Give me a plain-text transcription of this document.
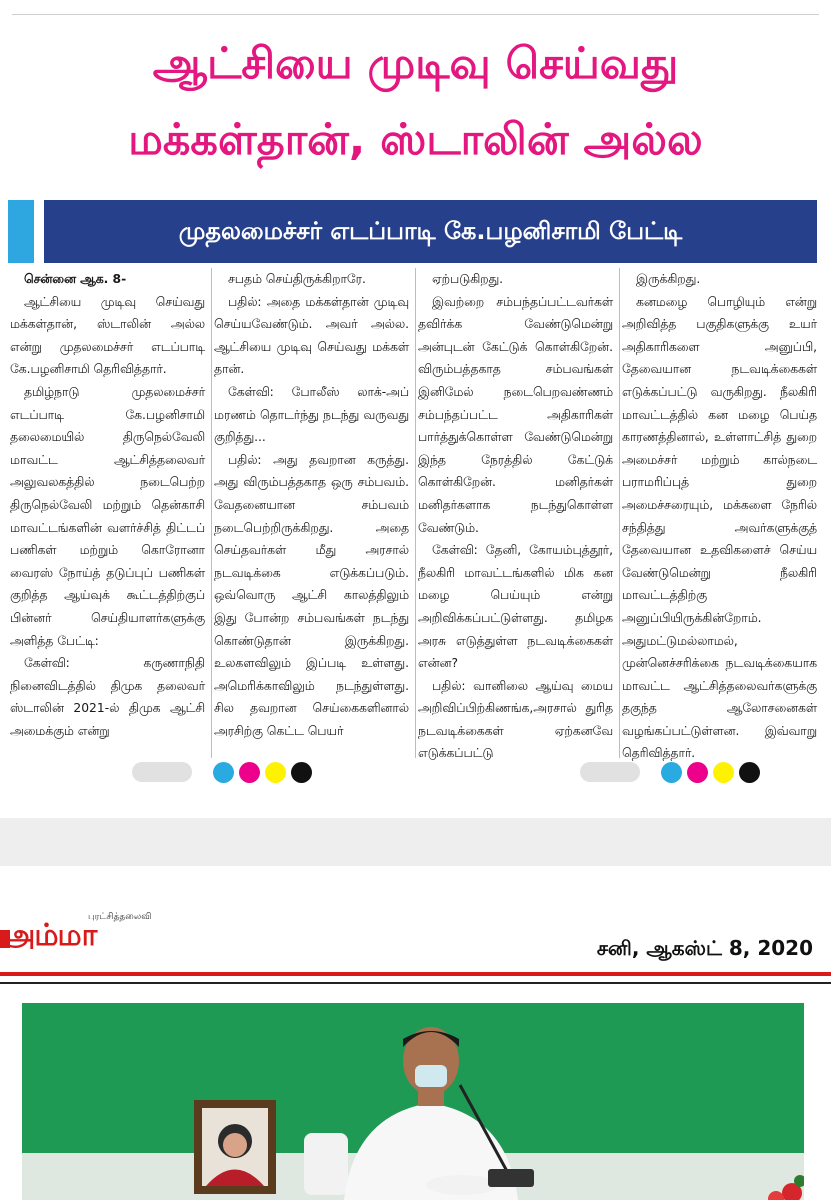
ஆட்சியை முடிவு செய்வது
மக்கள்தான், ஸ்டாலின் அல்ல
முதலமைச்சர் எடப்பாடி கே.பழனிசாமி பேட்டி

சென்னை ஆக. 8-

ஆட்சியை முடிவு செய்வது மக்கள்தான், ஸ்டாலின் அல்ல என்று முதலமைச்சர் எடப்பாடி கே.பழனிசாமி தெரிவித்தார்.

தமிழ்நாடு முதலமைச்சர் எடப்பாடி கே.பழனிசாமி தலைமையில் திருநெல்வேலி மாவட்ட ஆட்சித்தலைவர் அலுவலகத்தில் நடைபெற்ற திருநெல்வேலி மற்றும் தென்காசி மாவட்டங்களின் வளர்ச்சித் திட்டப் பணிகள் மற்றும் கொரோனா வைரஸ் நோய்த் தடுப்புப் பணிகள் குறித்த ஆய்வுக் கூட்டத்திற்குப் பின்னர் செய்தியாளர்களுக்கு அளித்த பேட்டி:

கேள்வி: கருணாநிதி நினைவிடத்தில் திமுக தலைவர் ஸ்டாலின் 2021-ல் திமுக ஆட்சி அமைக்கும் என்று

சபதம் செய்திருக்கிறாரே.

பதில்: அதை மக்கள்தான் முடிவு செய்யவேண்டும். அவர் அல்ல. ஆட்சியை முடிவு செய்வது மக்கள் தான்.

கேள்வி: போலீஸ் லாக்-அப் மரணம் தொடர்ந்து நடந்து வருவது குறித்து...

பதில்: அது தவறான கருத்து. அது விரும்பத்தகாத ஒரு சம்பவம். வேதனையான சம்பவம் நடைபெற்றிருக்கிறது. அதை செய்தவர்கள் மீது அரசால் நடவடிக்கை எடுக்கப்படும். ஒவ்வொரு ஆட்சி காலத்திலும் இது போன்ற சம்பவங்கள் நடந்து கொண்டுதான் இருக்கிறது. உலகளவிலும் இப்படி உள்ளது. அமெரிக்காவிலும் நடந்துள்ளது. சில தவறான செய்கைகளினால் அரசிற்கு கெட்ட பெயர்

ஏற்படுகிறது.

இவற்றை சம்பந்தப்பட்டவர்கள் தவிர்க்க வேண்டுமென்று அன்புடன் கேட்டுக் கொள்கிறேன். விரும்பத்தகாத சம்பவங்கள் இனிமேல் நடைபெறவண்ணம் சம்பந்தப்பட்ட அதிகாரிகள் பார்த்துக்கொள்ள வேண்டுமென்று இந்த நேரத்தில் கேட்டுக் கொள்கிறேன். மனிதர்கள் மனிதர்களாக நடந்துகொள்ள வேண்டும்.

கேள்வி: தேனி, கோயம்புத்தூர், நீலகிரி மாவட்டங்களில் மிக கன மழை பெய்யும் என்று அறிவிக்கப்பட்டுள்ளது. தமிழக அரசு எடுத்துள்ள நடவடிக்கைகள் என்ன?

பதில்: வானிலை ஆய்வு மைய அறிவிப்பிற்கிணங்க,அரசால் துரித நடவடிக்கைகள் ஏற்கனவே எடுக்கப்பட்டு

இருக்கிறது.

கனமழை பொழியும் என்று அறிவித்த பகுதிகளுக்கு உயர் அதிகாரிகளை அனுப்பி, தேவையான நடவடிக்கைகள் எடுக்கப்பட்டு வருகிறது. நீலகிரி மாவட்டத்தில் கன மழை பெய்த காரணத்தினால், உள்ளாட்சித் துறை அமைச்சர் மற்றும் கால்நடை பராமரிப்புத் துறை அமைச்சரையும், மக்களை நேரில் சந்தித்து அவர்களுக்குத் தேவையான உதவிகளைச் செய்ய வேண்டுமென்று நீலகிரி மாவட்டத்திற்கு அனுப்பியிருக்கின்றோம். அதுமட்டுமல்லாமல், முன்னெச்சரிக்கை நடவடிக்கையாக மாவட்ட ஆட்சித்தலைவர்களுக்கு தகுந்த ஆலோசனைகள் வழங்கப்பட்டுள்ளன. இவ்வாறு தெரிவித்தார்.

புரட்சித்தலைவி
அம்மா	சனி, ஆகஸ்ட் 8, 2020
